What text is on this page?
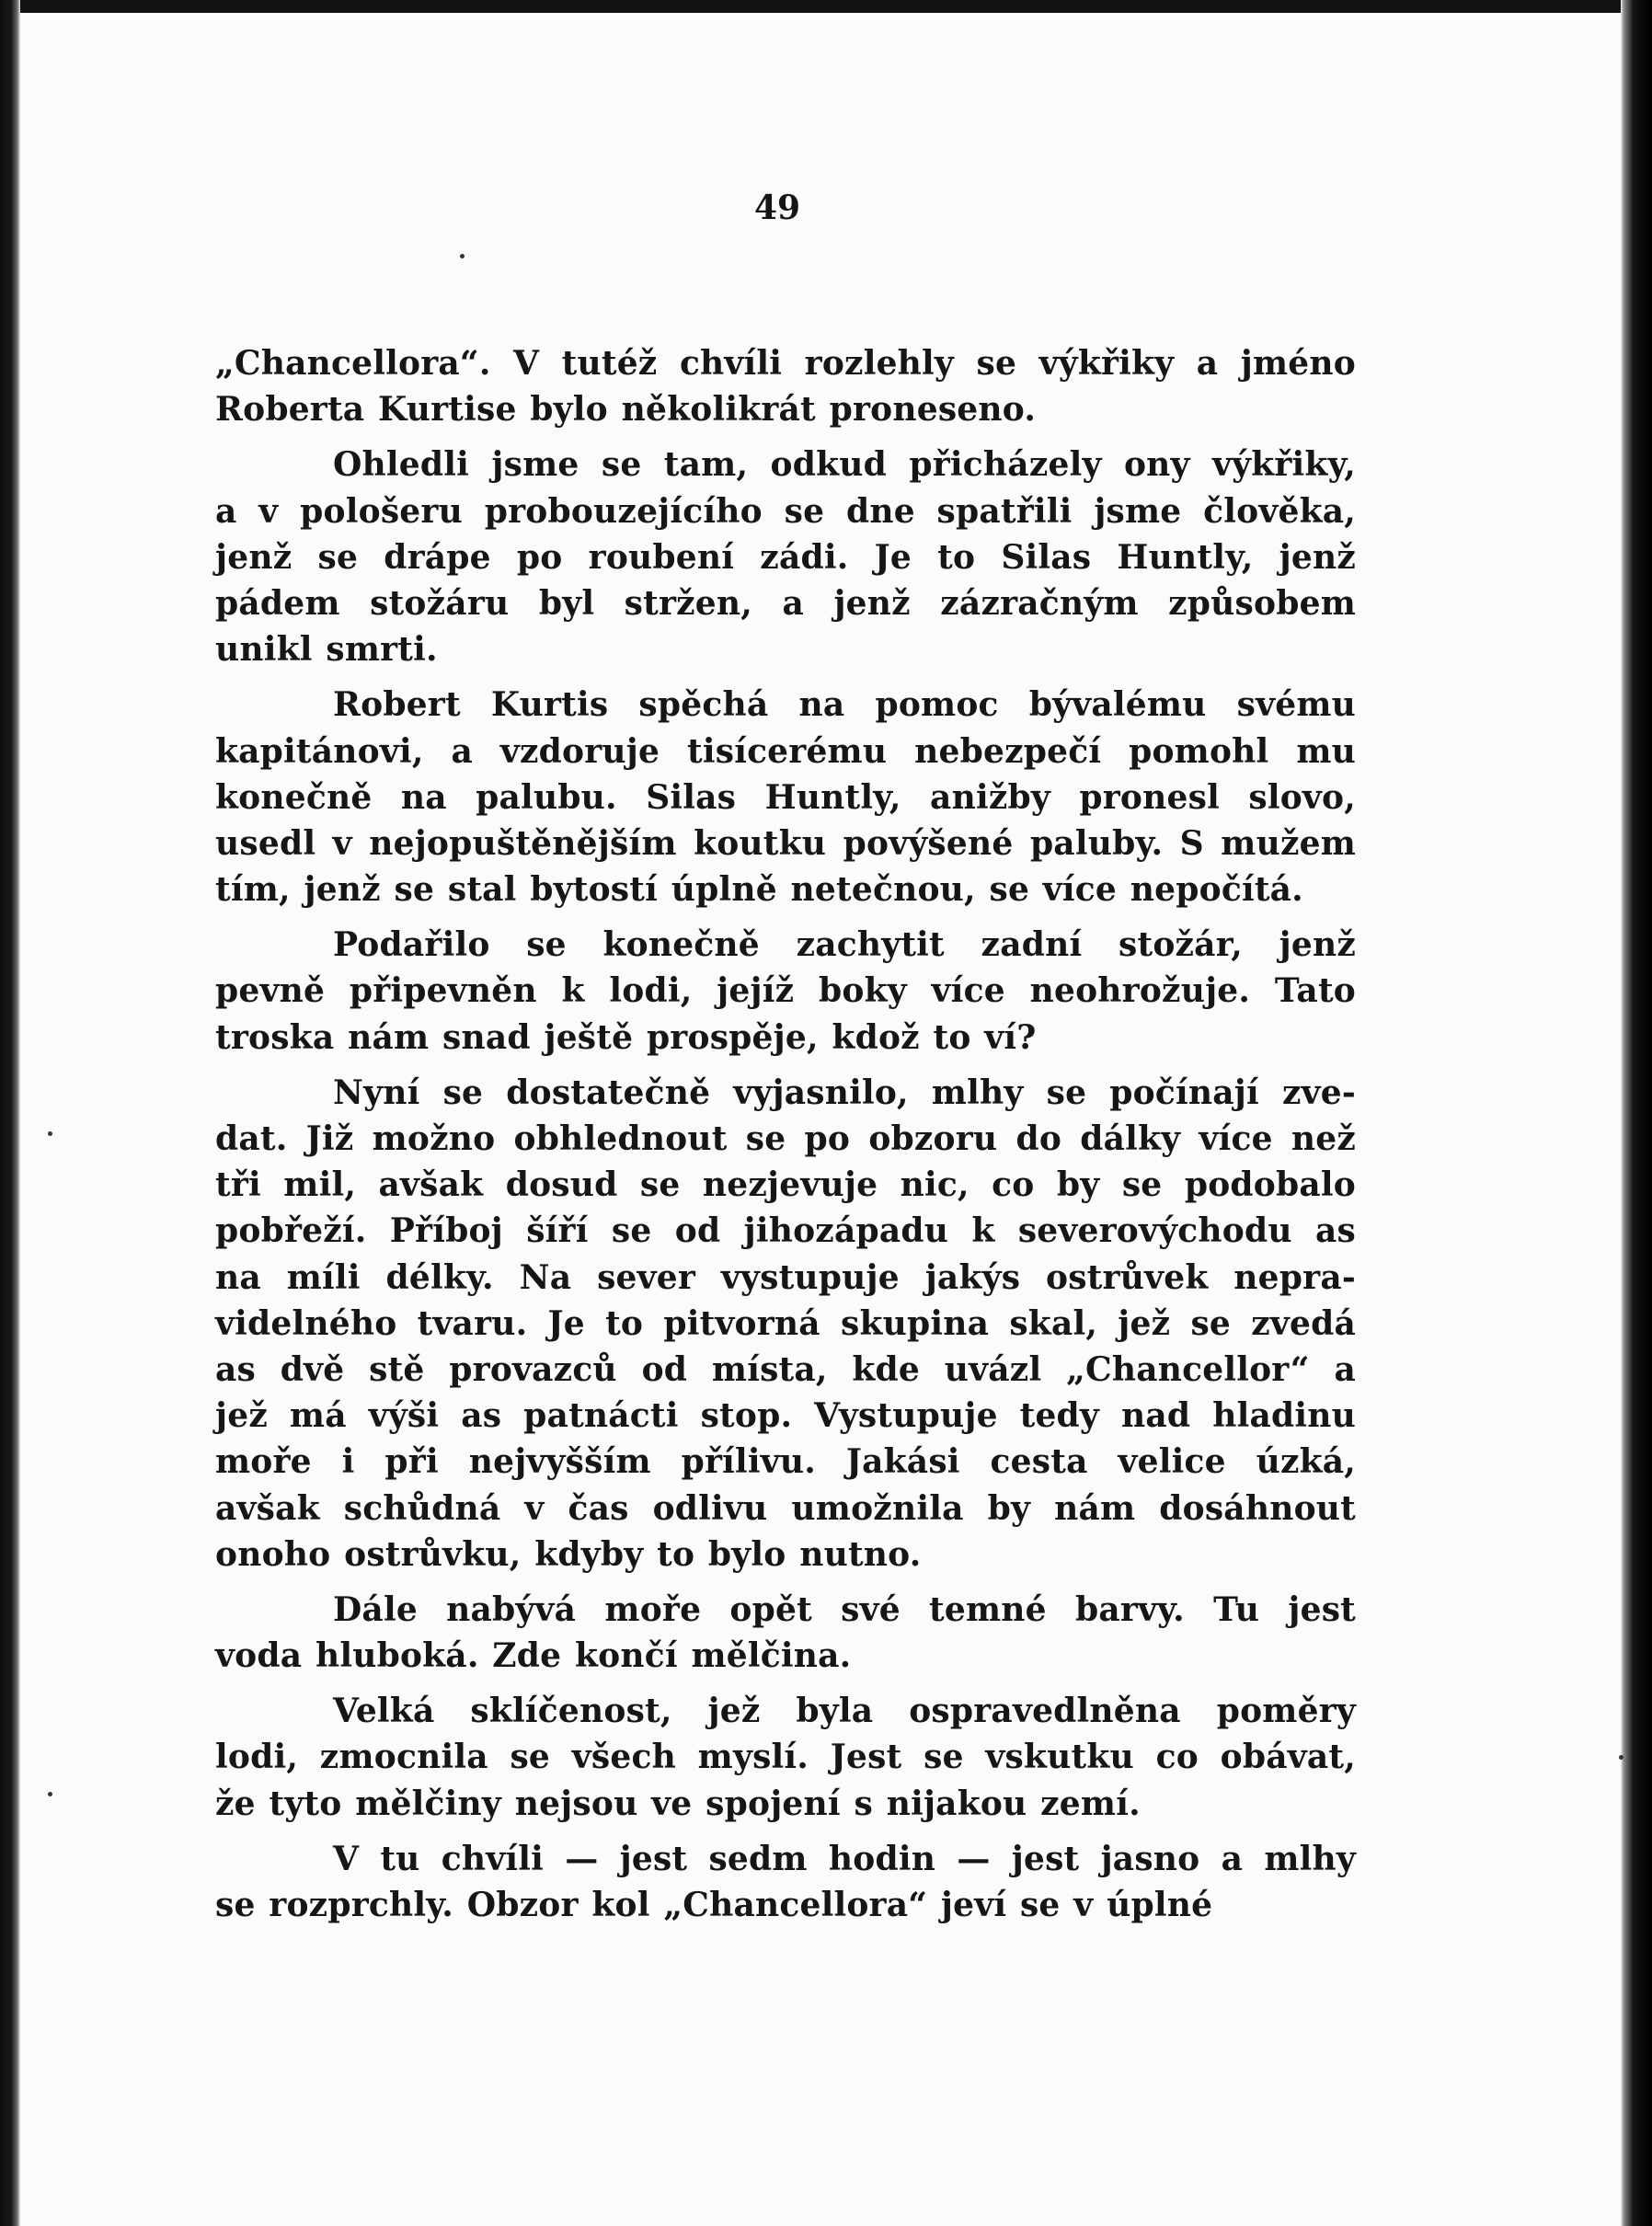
49
„Chancellora“. V tutéž chvíli rozlehly se výkřiky a jméno
Roberta Kurtise bylo několikrát proneseno.
Ohledli jsme se tam, odkud přicházely ony výkřiky,
a v pološeru probouzejícího se dne spatřili jsme člověka,
jenž se drápe po roubení zádi. Je to Silas Huntly, jenž
pádem stožáru byl stržen, a jenž zázračným způsobem
unikl smrti.
Robert Kurtis spěchá na pomoc bývalému svému
kapitánovi, a vzdoruje tisícerému nebezpečí pomohl mu
konečně na palubu. Silas Huntly, anižby pronesl slovo,
usedl v nejopuštěnějším koutku povýšené paluby. S mužem
tím, jenž se stal bytostí úplně netečnou, se více nepočítá.
Podařilo se konečně zachytit zadní stožár, jenž
pevně připevněn k lodi, jejíž boky více neohrožuje. Tato
troska nám snad ještě prospěje, kdož to ví?
Nyní se dostatečně vyjasnilo, mlhy se počínají zve-
dat. Již možno obhlednout se po obzoru do dálky více než
tři mil, avšak dosud se nezjevuje nic, co by se podobalo
pobřeží. Příboj šíří se od jihozápadu k severovýchodu as
na míli délky. Na sever vystupuje jakýs ostrůvek nepra-
videlného tvaru. Je to pitvorná skupina skal, jež se zvedá
as dvě stě provazců od místa, kde uvázl „Chancellor“ a
jež má výši as patnácti stop. Vystupuje tedy nad hladinu
moře i při nejvyšším přílivu. Jakási cesta velice úzká,
avšak schůdná v čas odlivu umožnila by nám dosáhnout
onoho ostrůvku, kdyby to bylo nutno.
Dále nabývá moře opět své temné barvy. Tu jest
voda hluboká. Zde končí mělčina.
Velká sklíčenost, jež byla ospravedlněna poměry
lodi, zmocnila se všech myslí. Jest se vskutku co obávat,
že tyto mělčiny nejsou ve spojení s nijakou zemí.
V tu chvíli — jest sedm hodin — jest jasno a mlhy
se rozprchly. Obzor kol „Chancellora“ jeví se v úplné
